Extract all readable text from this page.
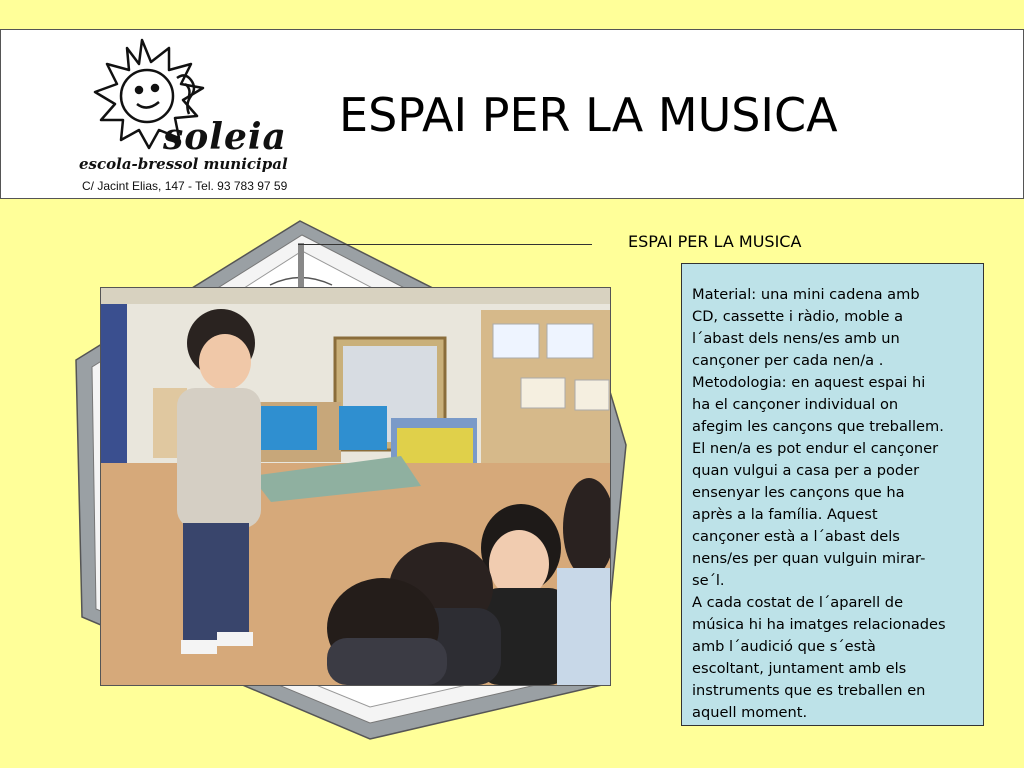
soleia
escola-bressol municipal
C/ Jacint Elias, 147 - Tel. 93 783 97 59
ESPAI PER LA MUSICA
ESPAI PER LA MUSICA
Material: una mini cadena amb
CD, cassette i ràdio, moble a
l´abast dels nens/es amb un
cançoner per cada nen/a .
Metodologia: en aquest espai hi
ha el cançoner individual on
afegim les cançons que treballem.
El nen/a es pot endur el cançoner
quan vulgui a casa per a poder
ensenyar les cançons que ha
après a la família. Aquest
cançoner està a l´abast dels
nens/es per quan vulguin mirar-
se´l.
A cada costat de l´aparell de
música hi ha imatges relacionades
amb l´audició que s´està
escoltant, juntament amb els
instruments que es treballen en
aquell moment.
